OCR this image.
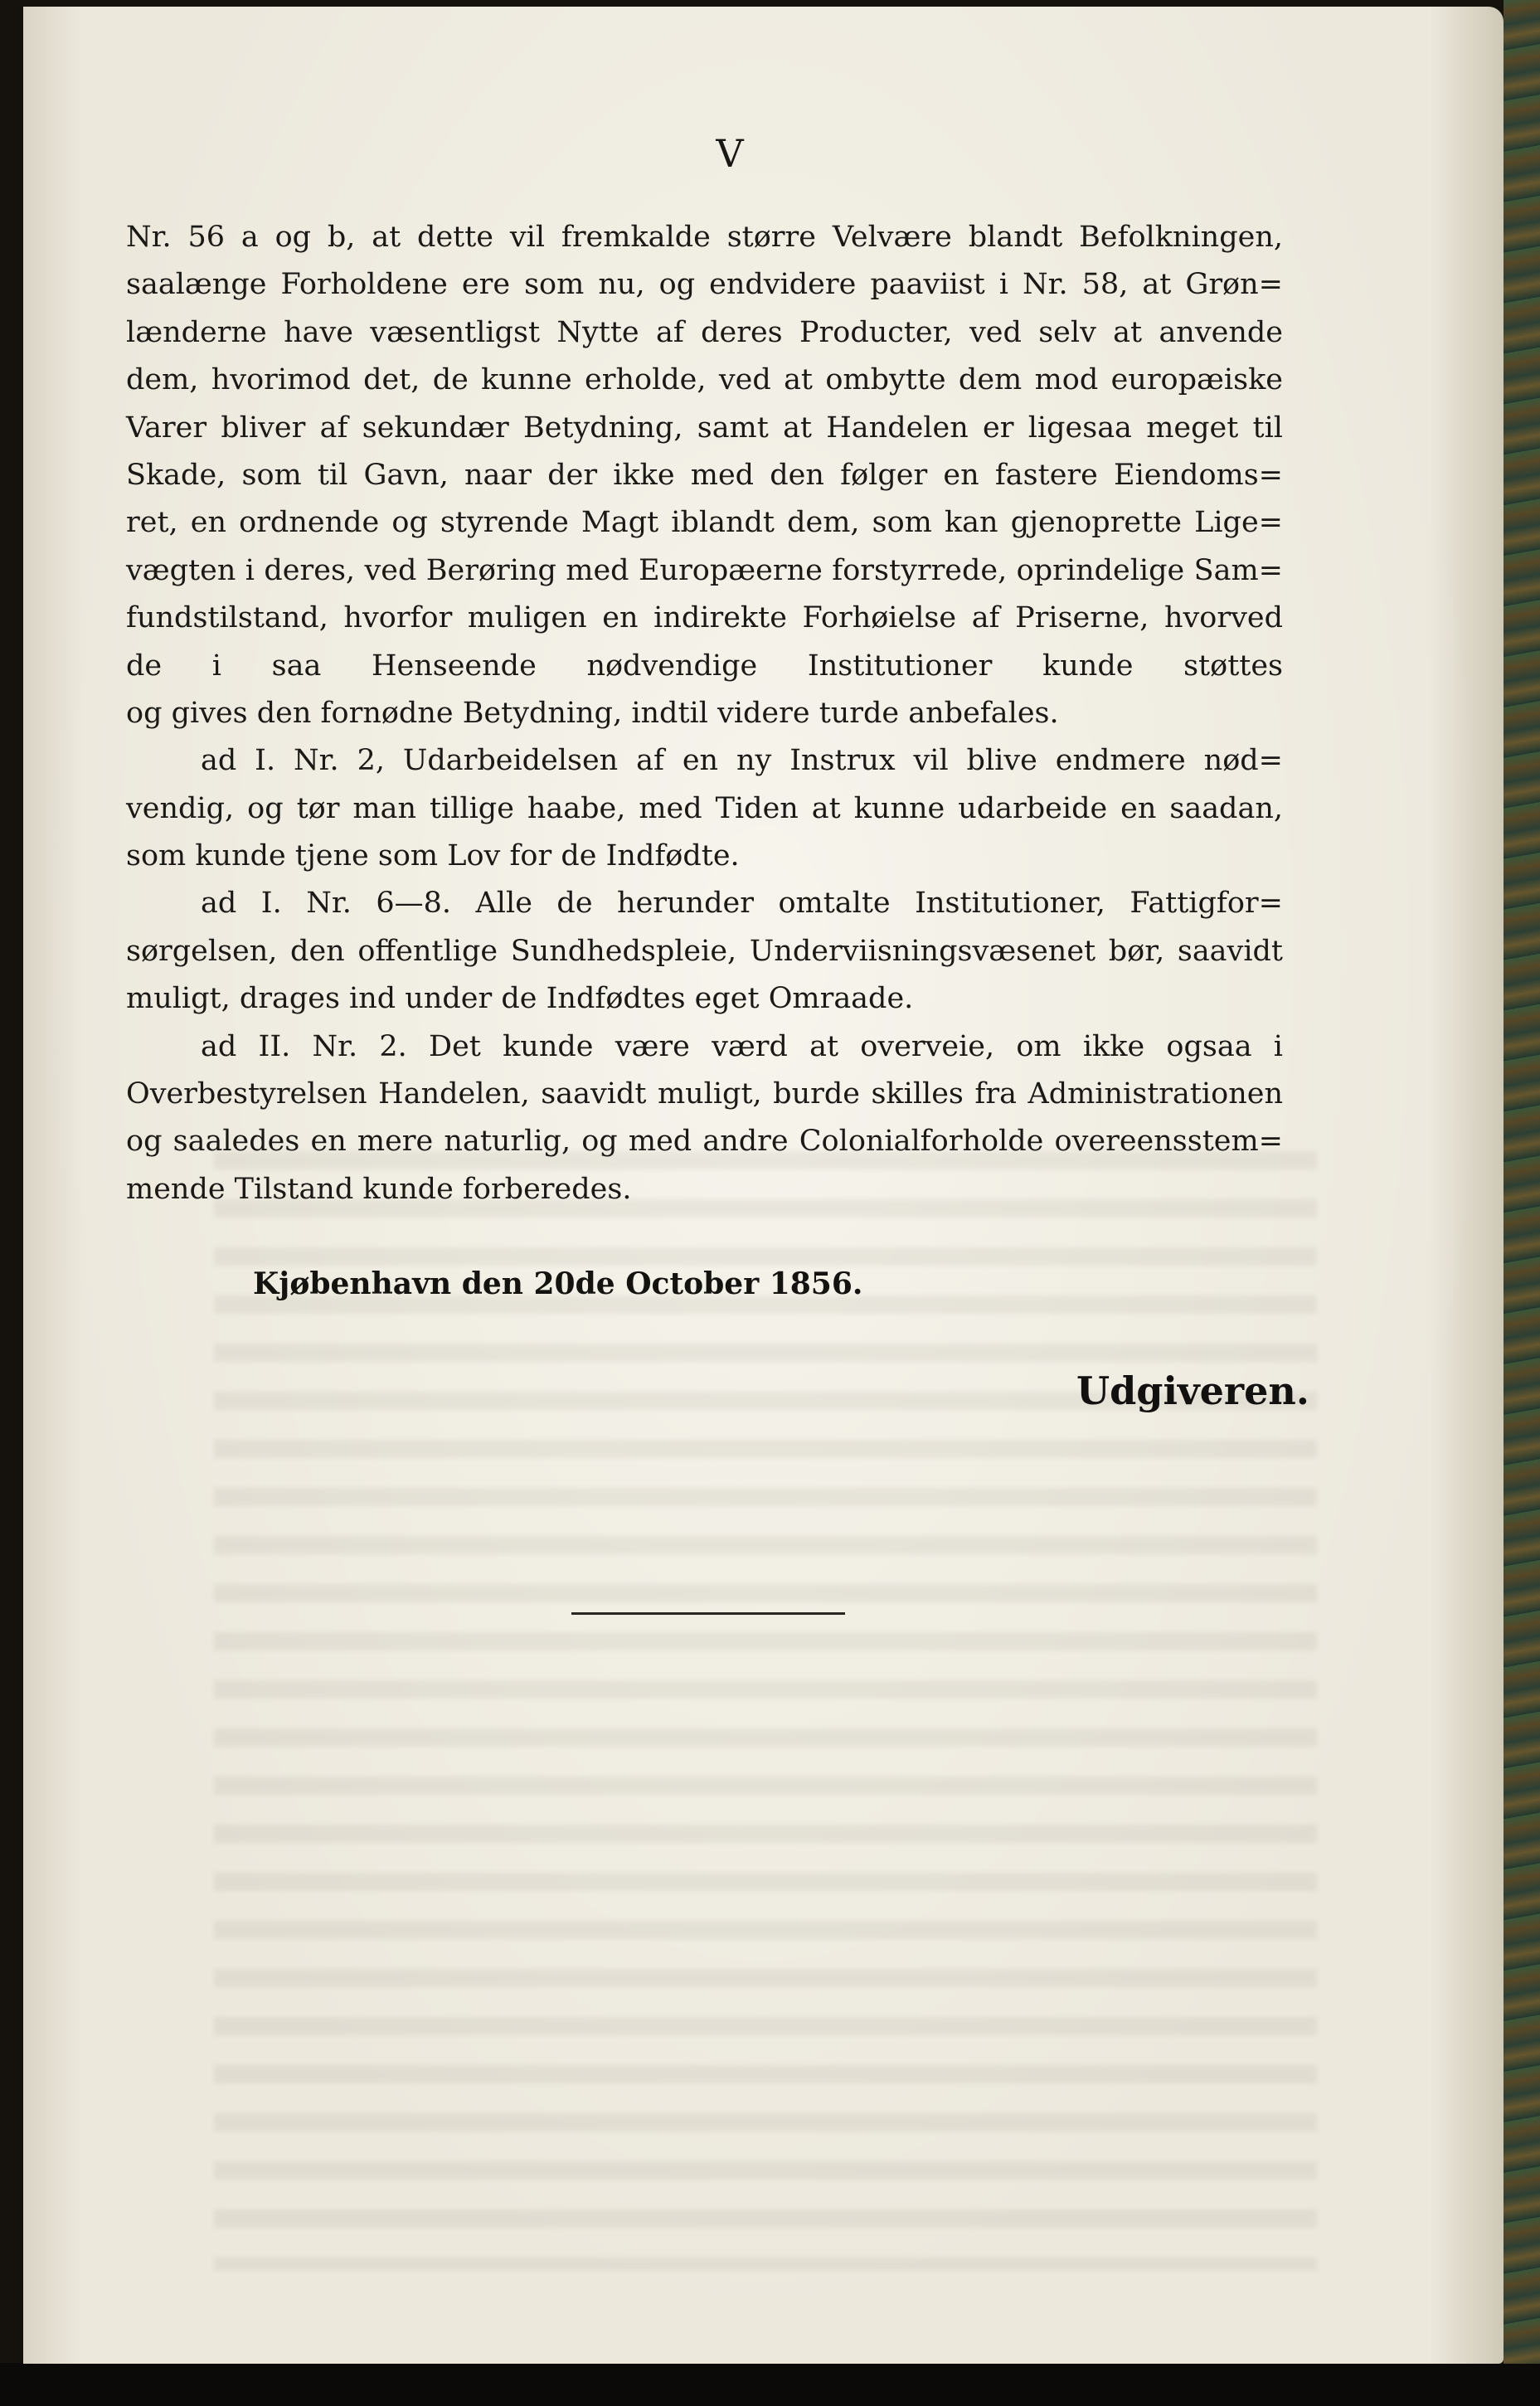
V
Nr. 56 a og b, at dette vil fremkalde større Velvære blandt Befolkningen,
saalænge Forholdene ere som nu, og endvidere paaviist i Nr. 58, at Grøn=
lænderne have væsentligst Nytte af deres Producter, ved selv at anvende
dem, hvorimod det, de kunne erholde, ved at ombytte dem mod europæiske
Varer bliver af sekundær Betydning, samt at Handelen er ligesaa meget til
Skade, som til Gavn, naar der ikke med den følger en fastere Eiendoms=
ret, en ordnende og styrende Magt iblandt dem, som kan gjenoprette Lige=
vægten i deres, ved Berøring med Europæerne forstyrrede, oprindelige Sam=
fundstilstand, hvorfor muligen en indirekte Forhøielse af Priserne, hvorved
de i saa Henseende nødvendige Institutioner kunde støttes
og gives den fornødne Betydning, indtil videre turde anbefales.
ad I. Nr. 2, Udarbeidelsen af en ny Instrux vil blive endmere nød=
vendig, og tør man tillige haabe, med Tiden at kunne udarbeide en saadan,
som kunde tjene som Lov for de Indfødte.
ad I. Nr. 6—8. Alle de herunder omtalte Institutioner, Fattigfor=
sørgelsen, den offentlige Sundhedspleie, Underviisningsvæsenet bør, saavidt
muligt, drages ind under de Indfødtes eget Omraade.
ad II. Nr. 2. Det kunde være værd at overveie, om ikke ogsaa i
Overbestyrelsen Handelen, saavidt muligt, burde skilles fra Administrationen
og saaledes en mere naturlig, og med andre Colonialforholde overeensstem=
mende Tilstand kunde forberedes.
Kjøbenhavn den 20de October 1856.
Udgiveren.
